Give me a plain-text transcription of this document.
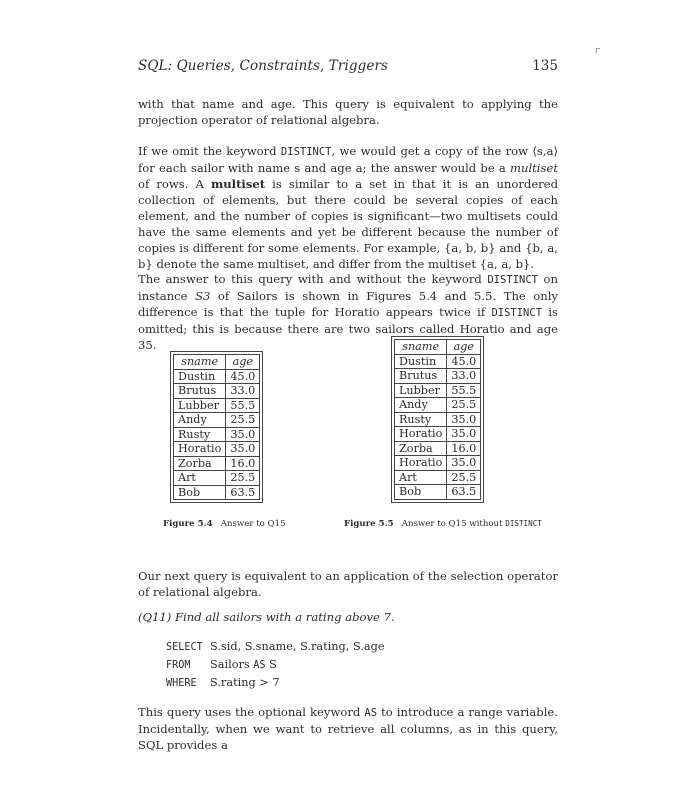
SQL: Queries, Constraints, Triggers	135
r

with that name and age. This query is equivalent to applying the projection operator of relational algebra.

If we omit the keyword DISTINCT, we would get a copy of the row ⟨s,a⟩ for each sailor with name s and age a; the answer would be a multiset of rows. A multiset is similar to a set in that it is an unordered collection of elements, but there could be several copies of each element, and the number of copies is significant—two multisets could have the same elements and yet be different because the number of copies is different for some elements. For example, {a, b, b} and {b, a, b} denote the same multiset, and differ from the multiset {a, a, b}.

The answer to this query with and without the keyword DISTINCT on instance S3 of Sailors is shown in Figures 5.4 and 5.5. The only difference is that the tuple for Horatio appears twice if DISTINCT is omitted; this is because there are two sailors called Horatio and age 35.

sname	age
Dustin	45.0
Brutus	33.0
Lubber	55.5
Andy	25.5
Rusty	35.0
Horatio	35.0
Zorba	16.0
Art	25.5
Bob	63.5
sname	age
Dustin	45.0
Brutus	33.0
Lubber	55.5
Andy	25.5
Rusty	35.0
Horatio	35.0
Zorba	16.0
Horatio	35.0
Art	25.5
Bob	63.5
Figure 5.4 Answer to Q15	Figure 5.5 Answer to Q15 without DISTINCT

Our next query is equivalent to an application of the selection operator of relational algebra.

(Q11) Find all sailors with a rating above 7.
SELECT S.sid, S.sname, S.rating, S.age
FROM Sailors AS S
WHERE S.rating > 7

This query uses the optional keyword AS to introduce a range variable. Incidentally, when we want to retrieve all columns, as in this query, SQL provides a
